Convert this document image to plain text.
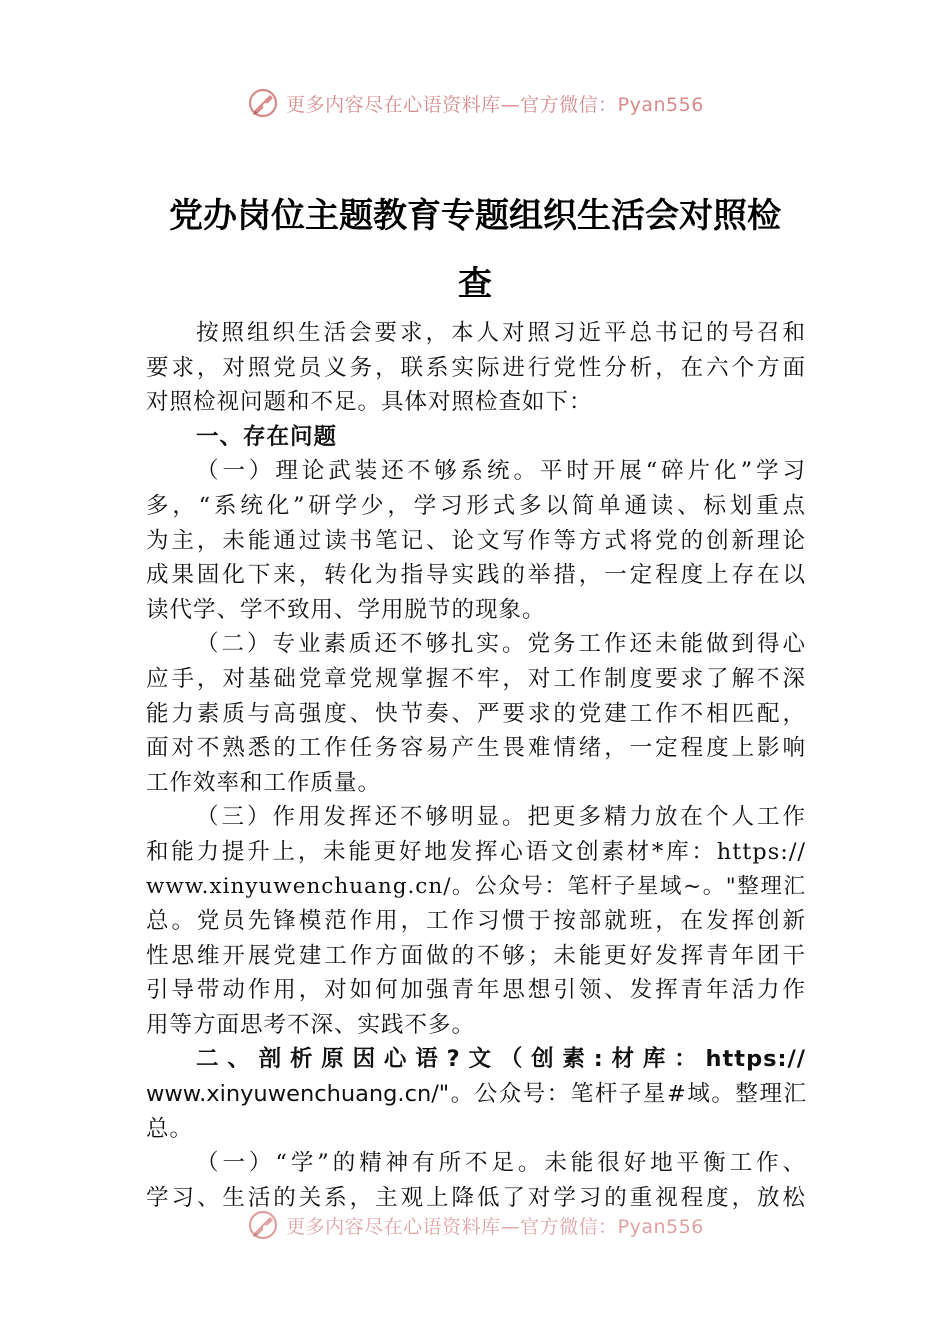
更多内容尽在心语资料库—官方微信：Pyan556
党办岗位主题教育专题组织生活会对照检
查
按照组织生活会要求，本人对照习近平总书记的号召和
要求，对照党员义务，联系实际进行党性分析，在六个方面
对照检视问题和不足。具体对照检查如下：
一、存在问题
（一）理论武装还不够系统。平时开展“碎片化”学习
多，“系统化”研学少，学习形式多以简单通读、标划重点
为主，未能通过读书笔记、论文写作等方式将党的创新理论
成果固化下来，转化为指导实践的举措，一定程度上存在以
读代学、学不致用、学用脱节的现象。
（二）专业素质还不够扎实。党务工作还未能做到得心
应手，对基础党章党规掌握不牢，对工作制度要求了解不深
能力素质与高强度、快节奏、严要求的党建工作不相匹配，
面对不熟悉的工作任务容易产生畏难情绪，一定程度上影响
工作效率和工作质量。
（三）作用发挥还不够明显。把更多精力放在个人工作
和能力提升上，未能更好地发挥心语文创素材*库：https://
www.xinyuwenchuang.cn/。公众号：笔杆子星域~。"整理汇
总。党员先锋模范作用，工作习惯于按部就班，在发挥创新
性思维开展党建工作方面做的不够；未能更好发挥青年团干
引导带动作用，对如何加强青年思想引领、发挥青年活力作
用等方面思考不深、实践不多。
二、剖析原因心语?文（创素:材库：https://
www.xinyuwenchuang.cn/"。公众号：笔杆子星#域。整理汇
总。
（一）“学”的精神有所不足。未能很好地平衡工作、
学习、生活的关系，主观上降低了对学习的重视程度，放松
更多内容尽在心语资料库—官方微信：Pyan556
